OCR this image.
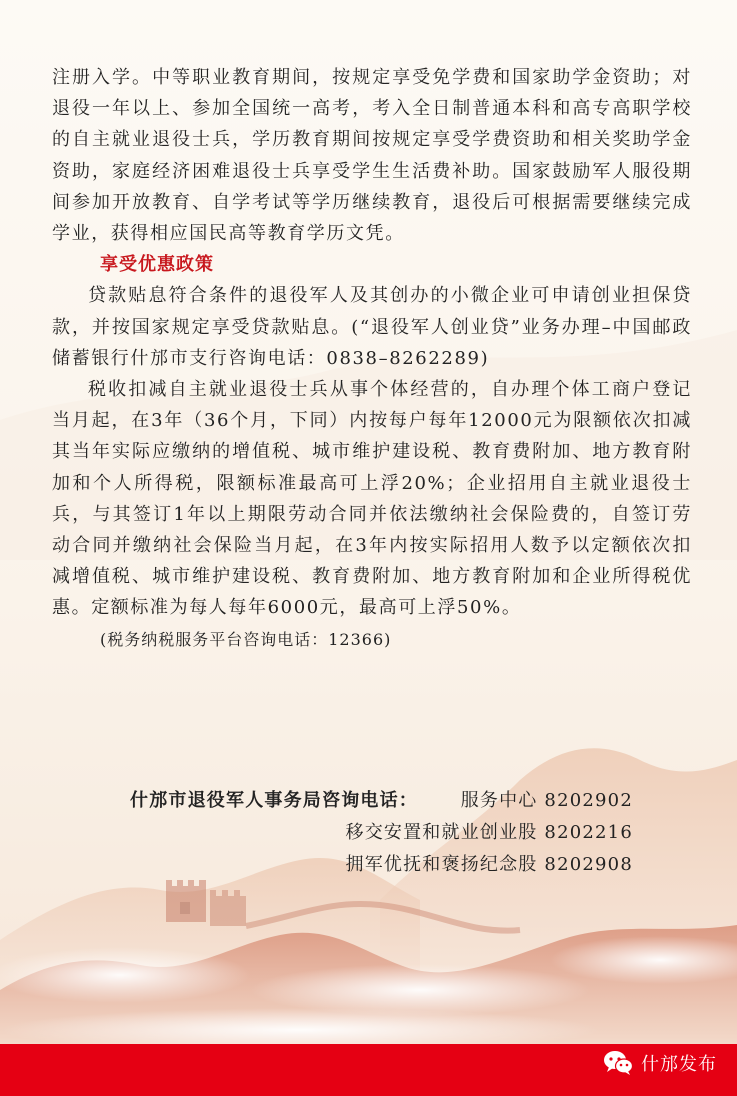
注册入学。中等职业教育期间，按规定享受免学费和国家助学金资助；对退役一年以上、参加全国统一高考，考入全日制普通本科和高专高职学校的自主就业退役士兵，学历教育期间按规定享受学费资助和相关奖助学金资助，家庭经济困难退役士兵享受学生生活费补助。国家鼓励军人服役期间参加开放教育、自学考试等学历继续教育，退役后可根据需要继续完成学业，获得相应国民高等教育学历文凭。

享受优惠政策

贷款贴息符合条件的退役军人及其创办的小微企业可申请创业担保贷款，并按国家规定享受贷款贴息。(“退役军人创业贷”业务办理–中国邮政储蓄银行什邡市支行咨询电话：0838–8262289)

税收扣减自主就业退役士兵从事个体经营的，自办理个体工商户登记当月起，在3年（36个月，下同）内按每户每年12000元为限额依次扣减其当年实际应缴纳的增值税、城市维护建设税、教育费附加、地方教育附加和个人所得税，限额标准最高可上浮20%；企业招用自主就业退役士兵，与其签订1年以上期限劳动合同并依法缴纳社会保险费的，自签订劳动合同并缴纳社会保险当月起，在3年内按实际招用人数予以定额依次扣减增值税、城市维护建设税、教育费附加、地方教育附加和企业所得税优惠。定额标准为每人每年6000元，最高可上浮50%。

(税务纳税服务平台咨询电话：12366)

什邡市退役军人事务局咨询电话： 服务中心 8202902
移交安置和就业创业股 8202216
拥军优抚和褒扬纪念股 8202908
什邡发布
